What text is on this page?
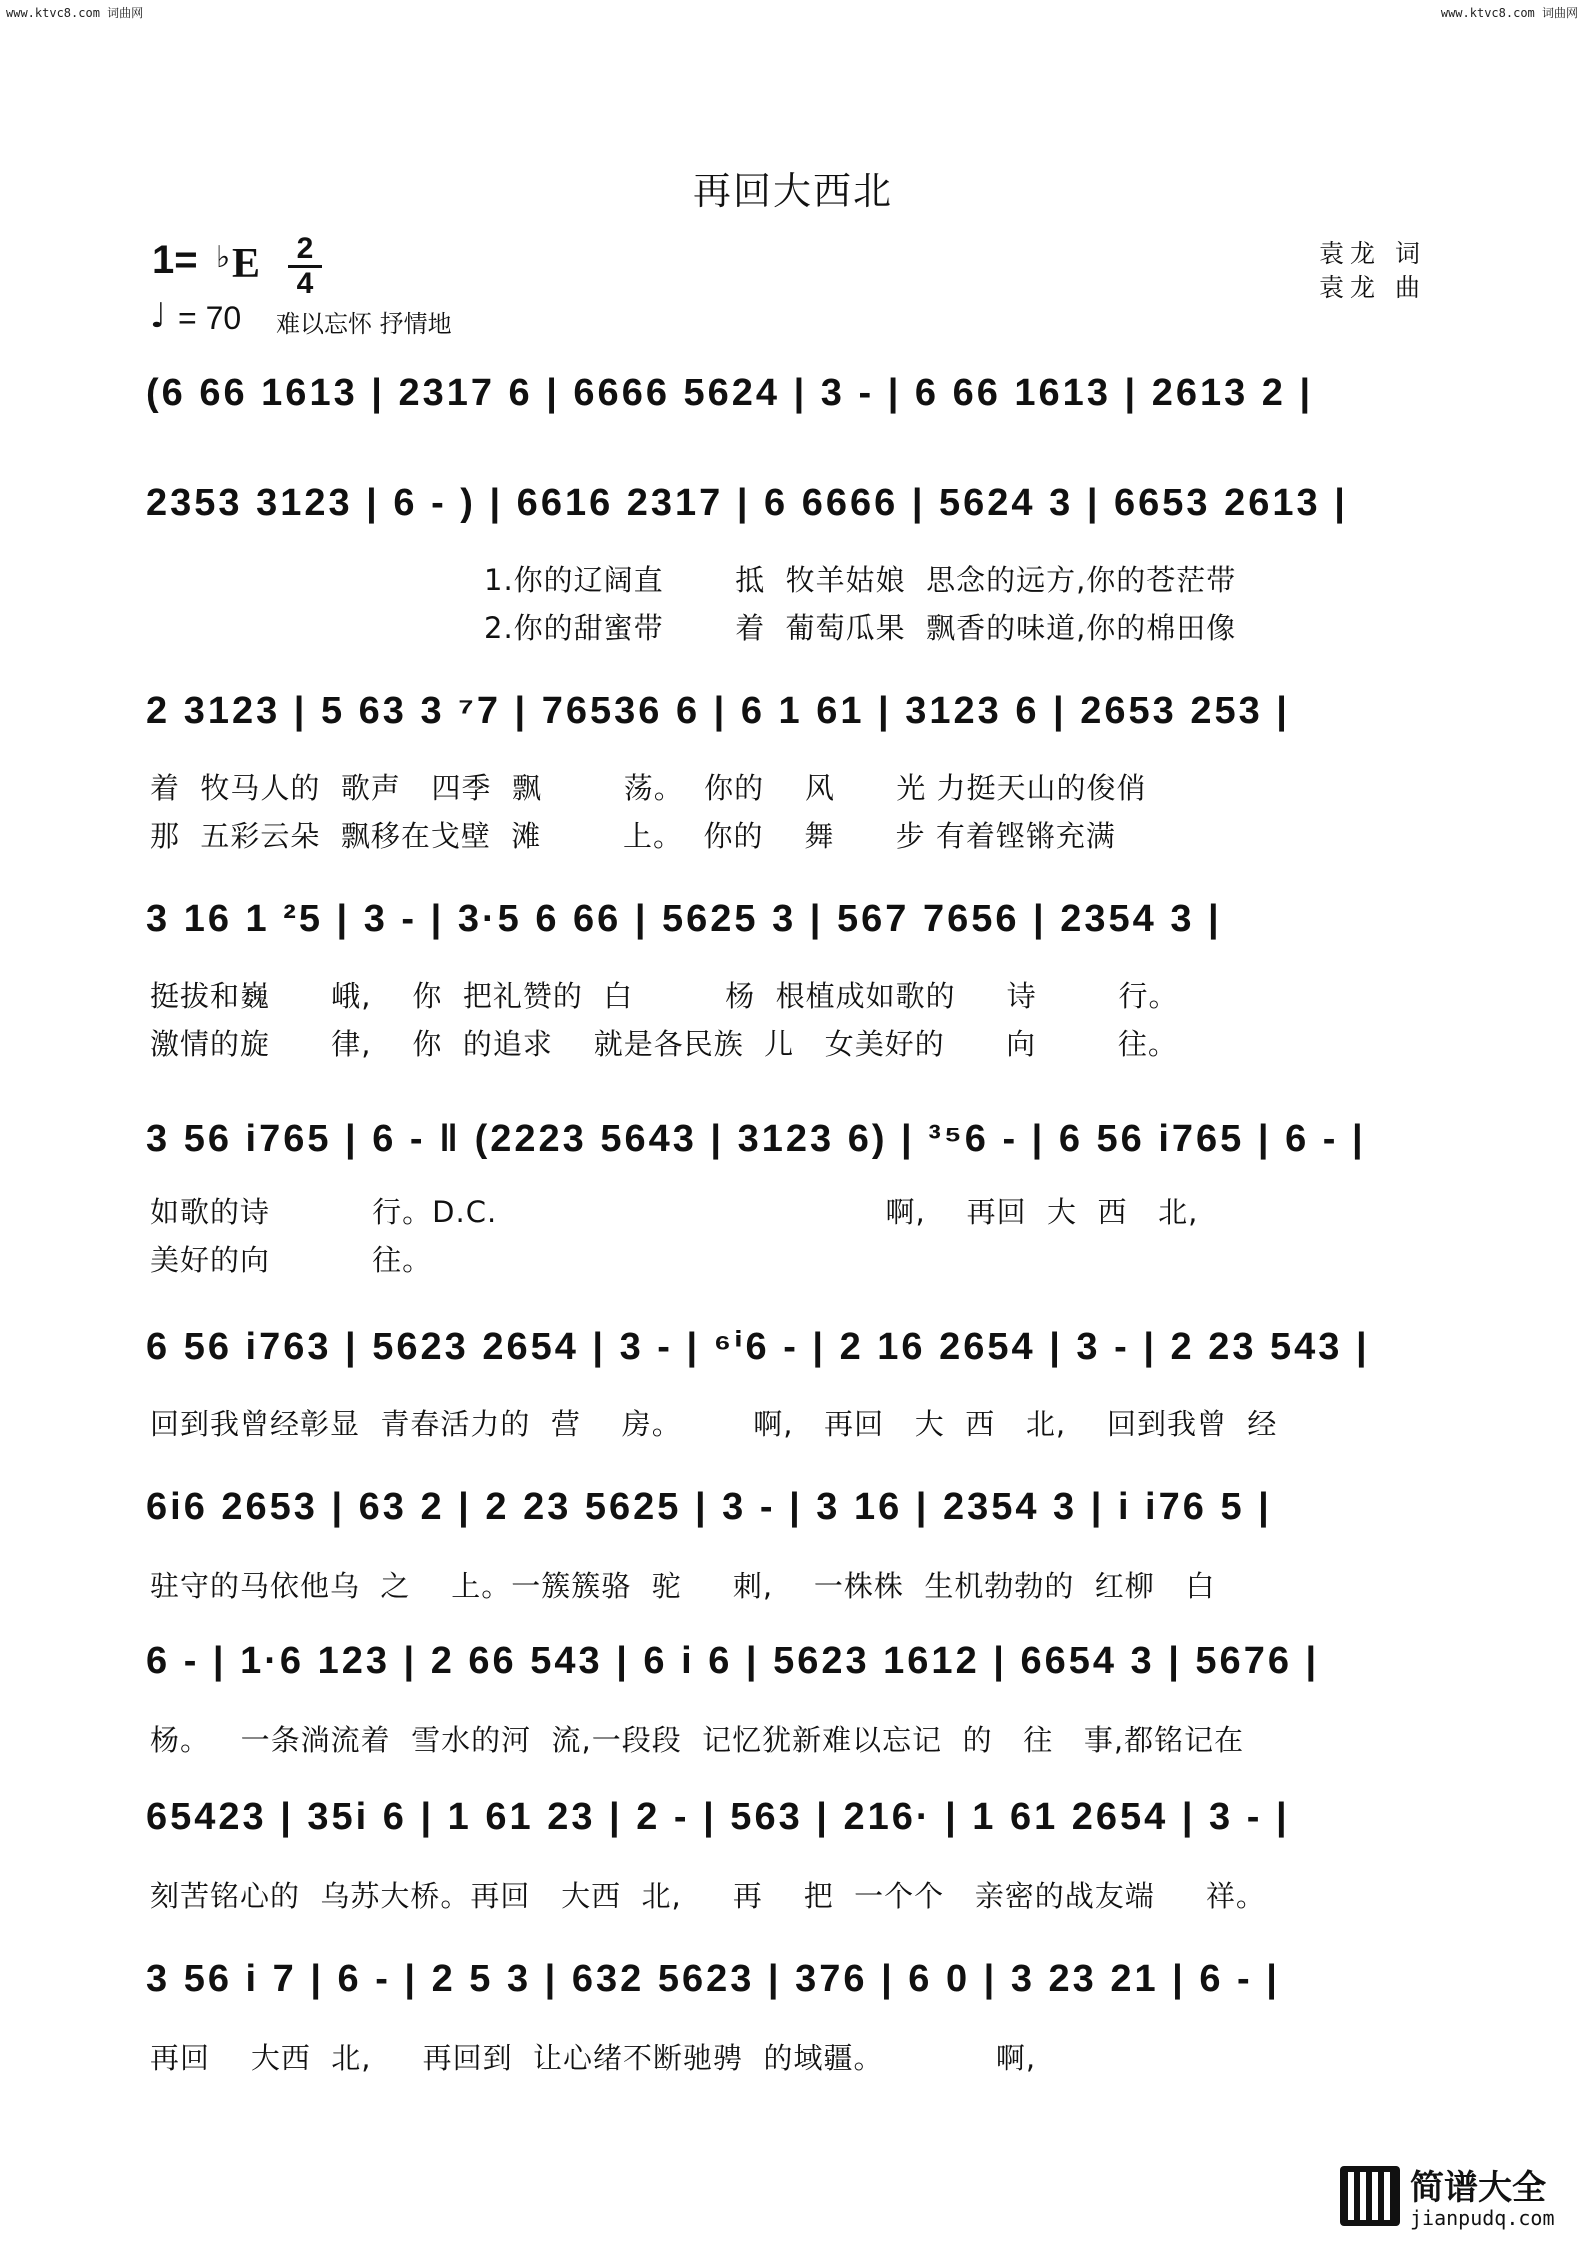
www.ktvc8.com 词曲网	www.ktvc8.com 词曲网
再回大西北
1= ♭ E 2
4
♩ = 70 难以忘怀 抒情地
袁龙 词
袁龙 曲
(6 66 1613 | 2317 6 | 6666 5624 | 3 - | 6 66 1613 | 2613 2 |
2353 3123 | 6 - ) | 6616 2317 | 6 6666 | 5624 3 | 6653 2613 |
1.你的辽阔直       抵  牧羊姑娘  思念的远方,你的苍茫带
2.你的甜蜜带       着  葡萄瓜果  飘香的味道,你的棉田像
2 3123 | 5 63 3 ⁷7 | 76536 6 | 6 1 61 | 3123 6 | 2653 253 |
着  牧马人的  歌声   四季  飘        荡。  你的    风      光 力挺天山的俊俏
那  五彩云朵  飘移在戈壁  滩        上。  你的    舞      步 有着铿锵充满
3 16 1 ²5 | 3 - | 3·5 6 66 | 5625 3 | 567 7656 | 2354 3 |
挺拔和巍      峨,    你  把礼赞的  白         杨  根植成如歌的     诗        行。
激情的旋      律,    你  的追求    就是各民族  儿   女美好的      向        往。
3 56 i765 | 6 - ‖ (2223 5643 | 3123 6) | ³⁵6 - | 6 56 i765 | 6 - |
如歌的诗          行。D.C.                                      啊,    再回  大  西   北,
美好的向          往。
6 56 i763 | 5623 2654 | 3 - | ⁶ⁱ6 - | 2 16 2654 | 3 - | 2 23 543 |
回到我曾经彰显  青春活力的  营    房。       啊,   再回   大  西   北,    回到我曾  经
6i6 2653 | 63 2 | 2 23 5625 | 3 - | 3 16 | 2354 3 | i i76 5 |
驻守的马依他乌  之    上。一簇簇骆  驼     刺,    一株株  生机勃勃的  红柳   白
6 - | 1·6 123 | 2 66 543 | 6 i 6 | 5623 1612 | 6654 3 | 5676 |
杨。   一条淌流着  雪水的河  流,一段段  记忆犹新难以忘记  的   往   事,都铭记在
65423 | 35i 6 | 1 61 23 | 2 - | 563 | 216· | 1 61 2654 | 3 - |
刻苦铭心的  乌苏大桥。再回   大西  北,     再    把  一个个   亲密的战友端     祥。
3 56 i 7 | 6 - | 2 5 3 | 632 5623 | 376 | 6 0 | 3 23 21 | 6 - |
再回    大西  北,     再回到  让心绪不断驰骋  的域疆。           啊,
简谱大全
jianpudq.com
